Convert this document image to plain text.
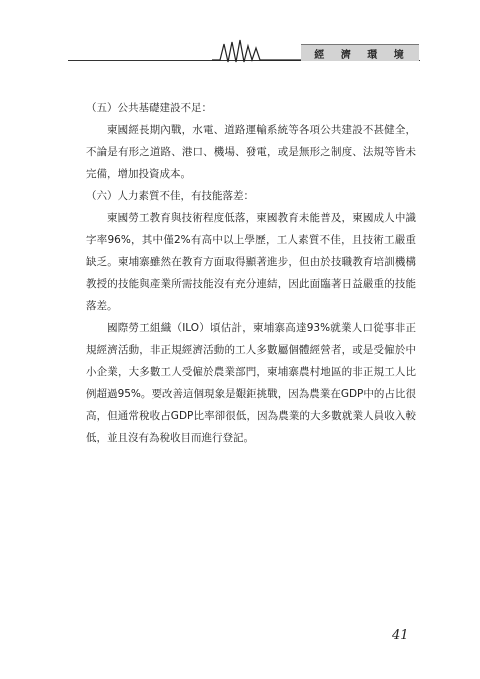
經 濟 環 境

（五）公共基礎建設不足：

柬國經長期內戰，水電、道路運輸系統等各項公共建設不甚健全，不論是有形之道路、港口、機場、發電，或是無形之制度、法規等皆未完備，增加投資成本。

（六）人力素質不佳，有技能落差：

柬國勞工教育與技術程度低落，柬國教育未能普及，柬國成人中識字率96%，其中僅2%有高中以上學歷，工人素質不佳，且技術工嚴重缺乏。柬埔寨雖然在教育方面取得顯著進步，但由於技職教育培訓機構教授的技能與產業所需技能沒有充分連結，因此面臨著日益嚴重的技能落差。

國際勞工組織（ILO）頃估計，柬埔寨高達93%就業人口從事非正規經濟活動，非正規經濟活動的工人多數屬個體經營者，或是受僱於中小企業，大多數工人受僱於農業部門，柬埔寨農村地區的非正規工人比例超過95%。要改善這個現象是艱鉅挑戰，因為農業在GDP中的占比很高，但通常稅收占GDP比率卻很低，因為農業的大多數就業人員收入較低，並且沒有為稅收目而進行登記。

41
